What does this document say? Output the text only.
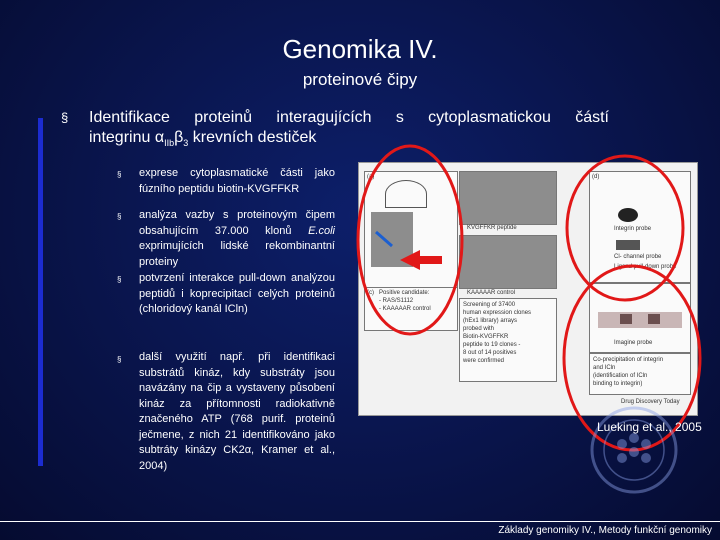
Genomika IV.
proteinové čipy
§ Identifikace proteinů interagujících s cytoplasmatickou částí
integrinu $\alpha_{IIb}\beta_3$ krevních destiček
§ exprese cytoplasmatické části jako fúzního peptidu biotin-KVGFFKR
§ analýza vazby s proteinovým čipem obsahujícím 37.000 klonů E.coli exprimujících lidské rekombinantní proteiny
§ potvrzení interakce pull-down analýzou peptidů i koprecipitací celých proteinů (chloridový kanál ICln)
§ další využití např. při identifikaci substrátů kináz, kdy substráty jsou navázány na čip a vystaveny působení kináz za přítomnosti radiokativně značeného ATP (768 purif. proteinů ječmene, z nich 21 identifikováno jako subtráty kinázy CK2α, Kramer et al., 2004)
(a)
KVGFFKR peptide
KAAAAAR control
(c) Positive candidate:
- RAS/S1112
- KAAAAAR control
Screening of 37400
human expression clones
(hEx1 library) arrays
probed with
Biotin-KVGFFKR
peptide to 19 clones -
8 out of 14 positives
were confirmed
(d)
Integrin probe
Cl- channel probe
Ligand pull-down probe
Imagine probe
Co-precipitation of integrin
and ICln
(identification of ICln
binding to integrin)
Drug Discovery Today
Lueking et al., 2005
Základy genomiky IV., Metody funkční genomiky
